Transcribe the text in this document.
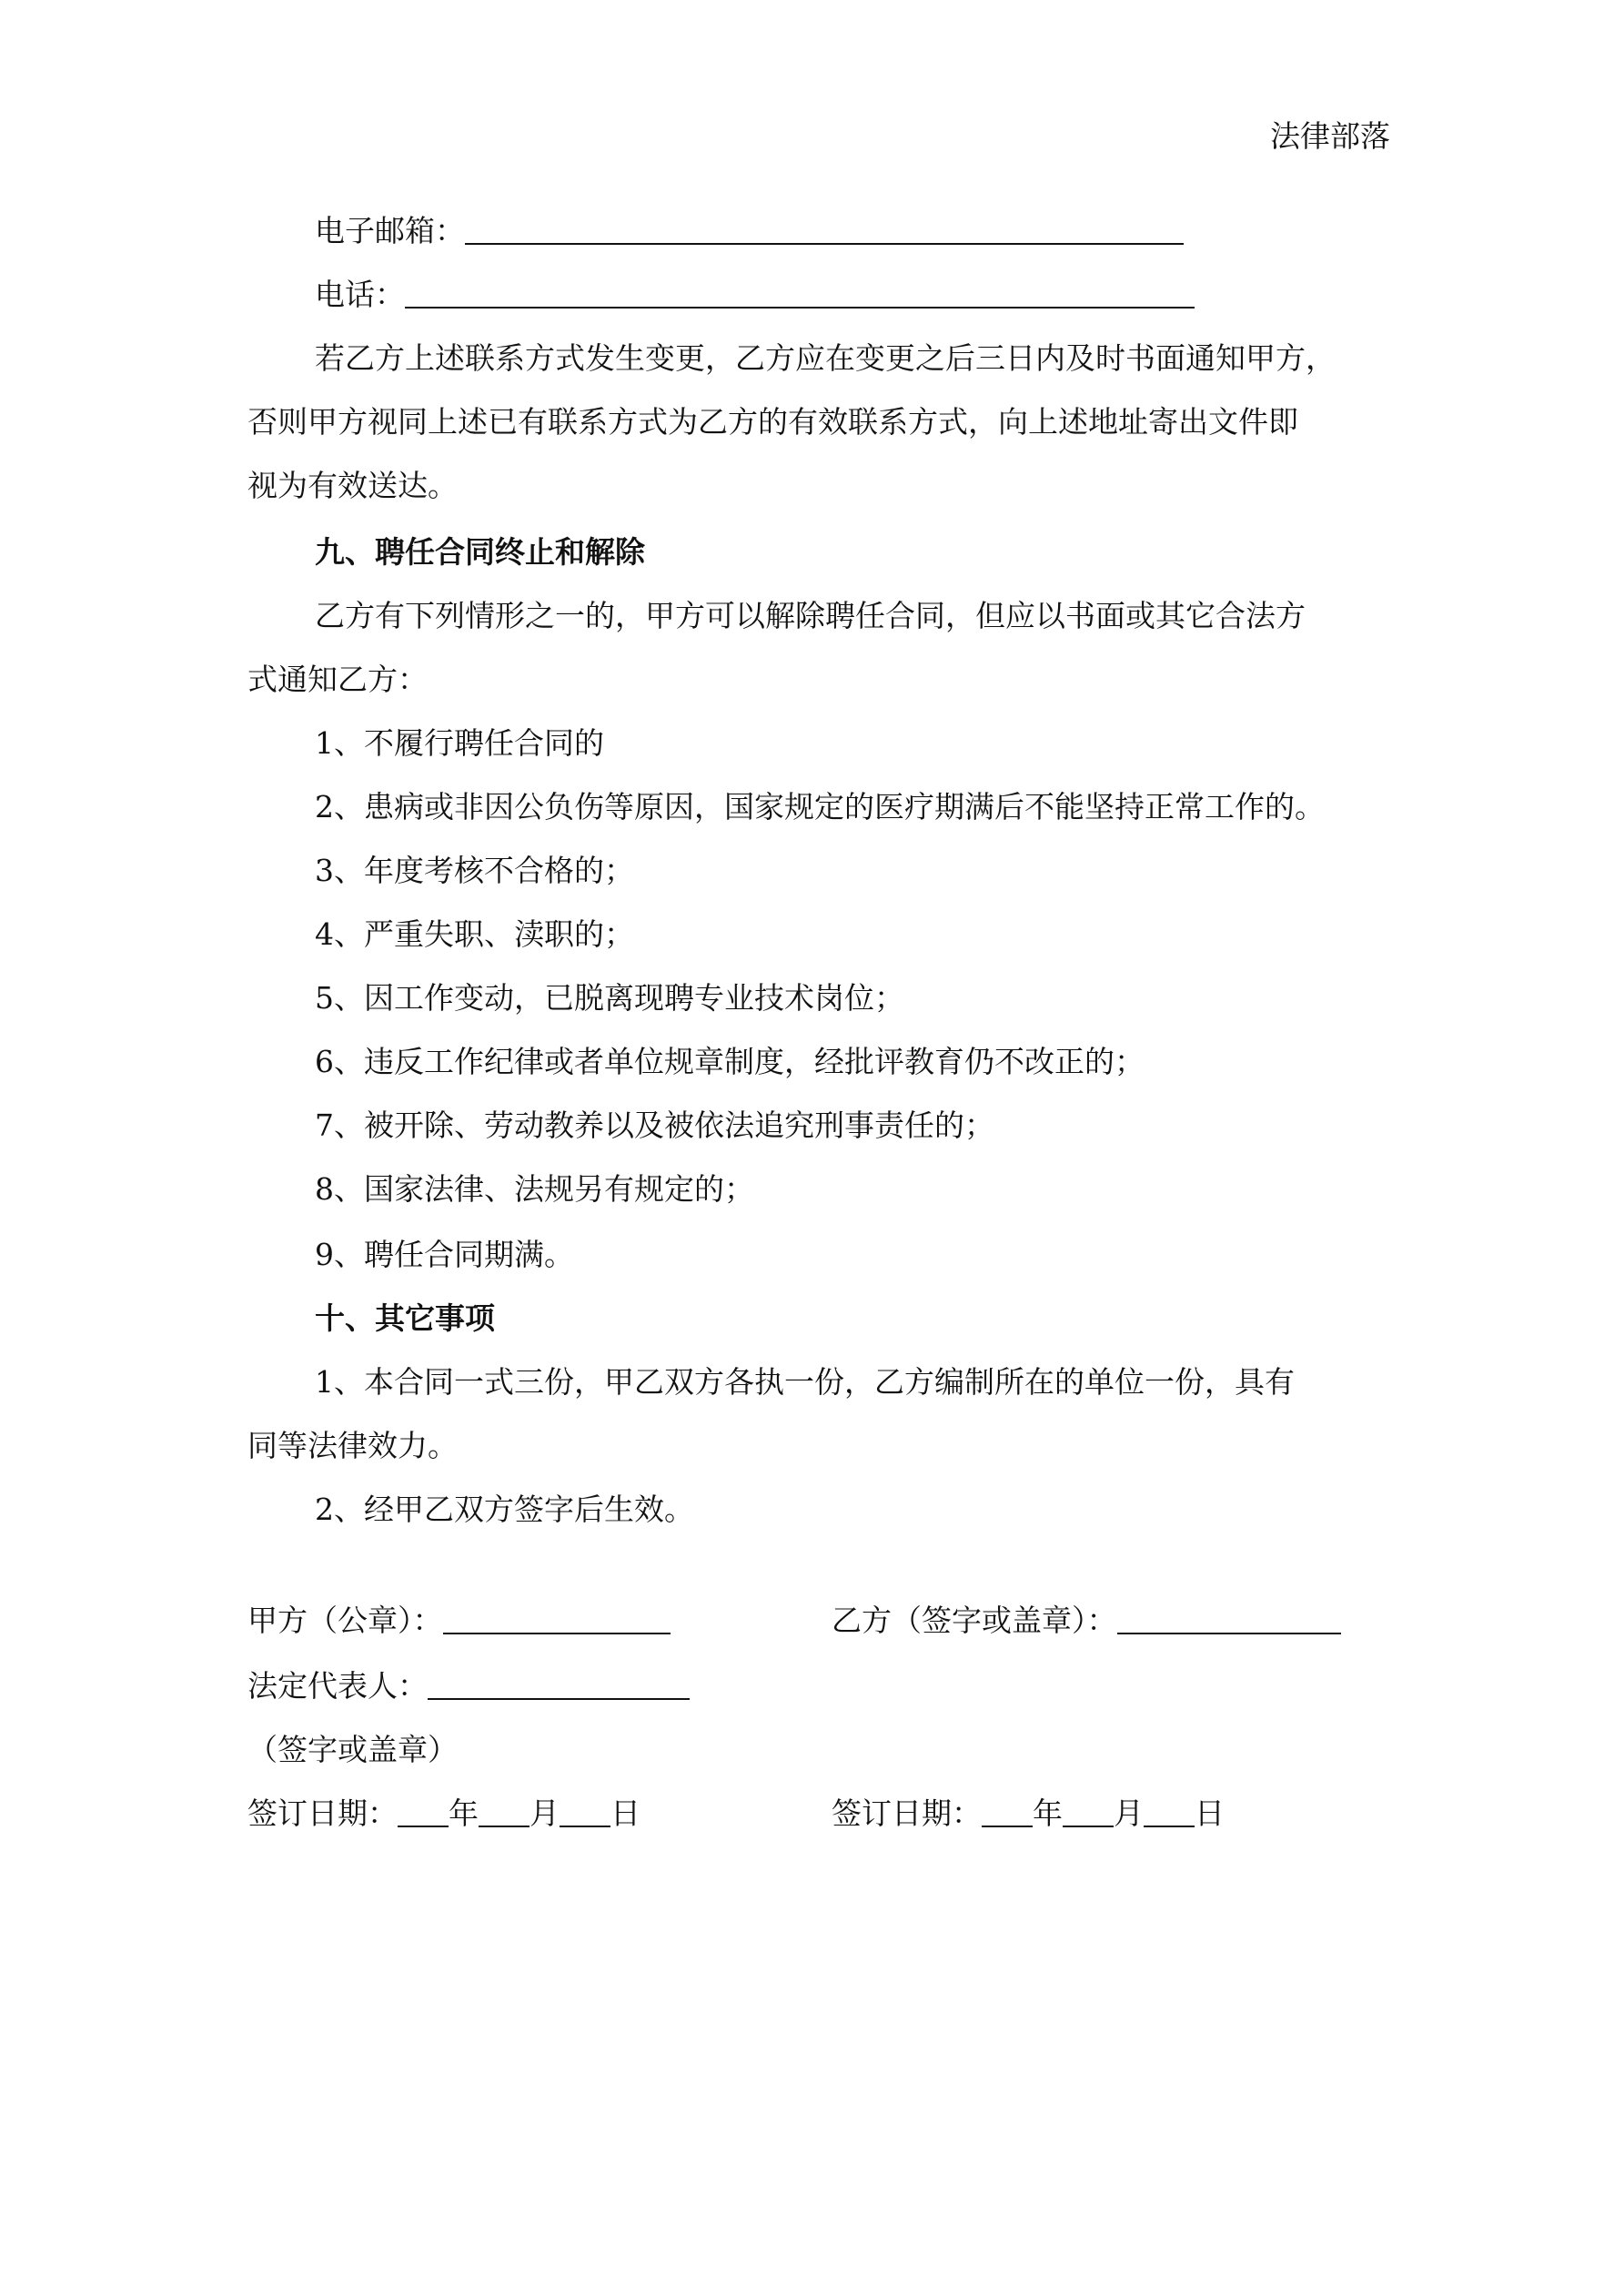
法律部落
电子邮箱：
电话：
若乙方上述联系方式发生变更，乙方应在变更之后三日内及时书面通知甲方，
否则甲方视同上述已有联系方式为乙方的有效联系方式，向上述地址寄出文件即
视为有效送达。
九、聘任合同终止和解除
乙方有下列情形之一的，甲方可以解除聘任合同，但应以书面或其它合法方
式通知乙方：
1、不履行聘任合同的
2、患病或非因公负伤等原因，国家规定的医疗期满后不能坚持正常工作的。
3、年度考核不合格的；
4、严重失职、渎职的；
5、因工作变动，已脱离现聘专业技术岗位；
6、违反工作纪律或者单位规章制度，经批评教育仍不改正的；
7、被开除、劳动教养以及被依法追究刑事责任的；
8、国家法律、法规另有规定的；
9、聘任合同期满。
十、其它事项
1、本合同一式三份，甲乙双方各执一份，乙方编制所在的单位一份，具有
同等法律效力。
2、经甲乙双方签字后生效。
甲方（公章）：	乙方（签字或盖章）：
法定代表人：
（签字或盖章）
签订日期： 年 月 日	签订日期： 年 月 日
